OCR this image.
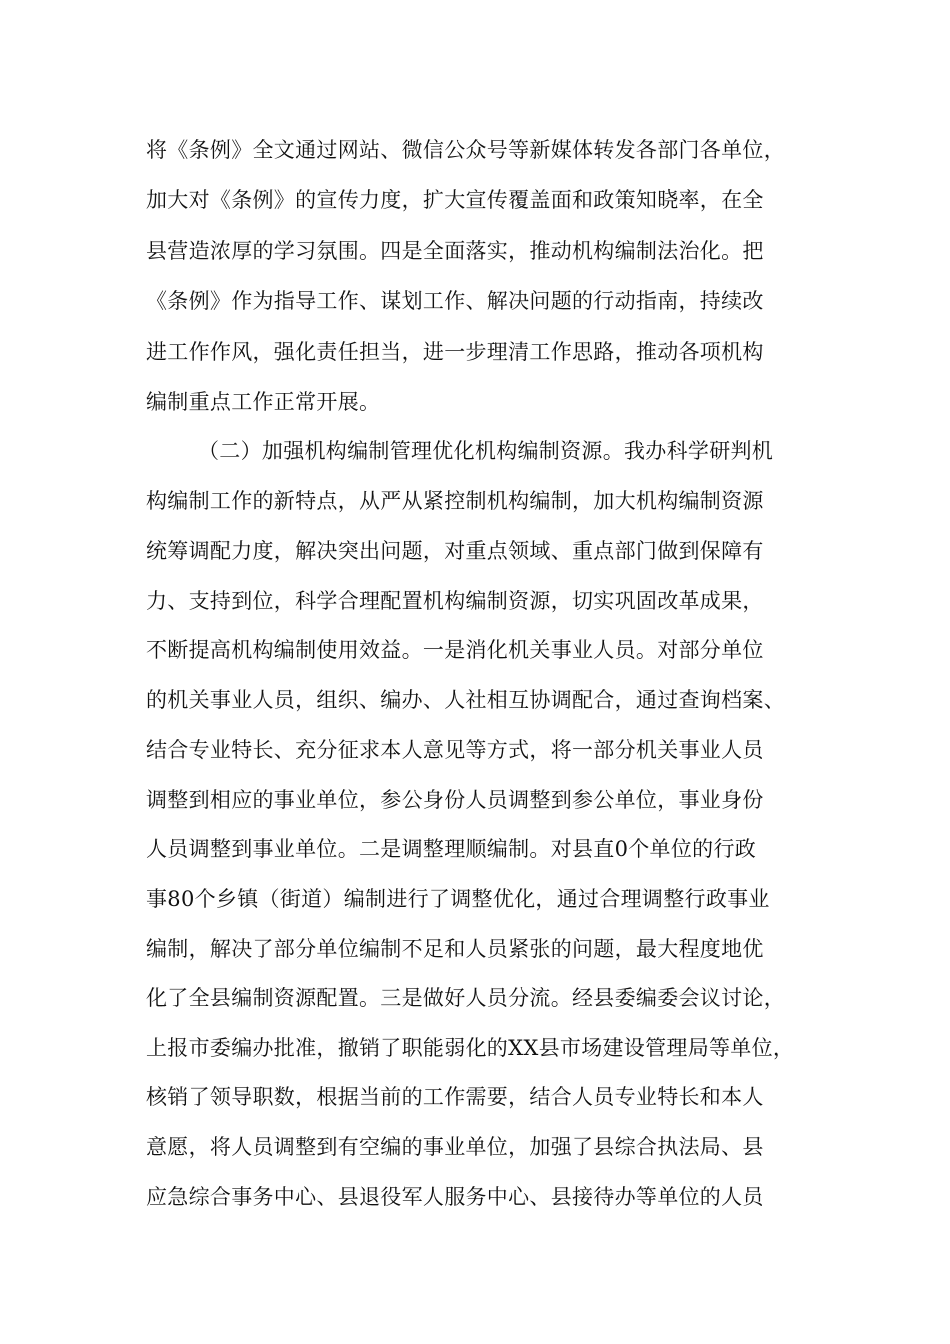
将《条例》全文通过网站、微信公众号等新媒体转发各部门各单位，
加大对《条例》的宣传力度，扩大宣传覆盖面和政策知晓率，在全
县营造浓厚的学习氛围。四是全面落实，推动机构编制法治化。把
《条例》作为指导工作、谋划工作、解决问题的行动指南，持续改
进工作作风，强化责任担当，进一步理清工作思路，推动各项机构
编制重点工作正常开展。
（二）加强机构编制管理优化机构编制资源。我办科学研判机
构编制工作的新特点，从严从紧控制机构编制，加大机构编制资源
统筹调配力度，解决突出问题，对重点领域、重点部门做到保障有
力、支持到位，科学合理配置机构编制资源，切实巩固改革成果，
不断提高机构编制使用效益。一是消化机关事业人员。对部分单位
的机关事业人员，组织、编办、人社相互协调配合，通过查询档案、
结合专业特长、充分征求本人意见等方式，将一部分机关事业人员
调整到相应的事业单位，参公身份人员调整到参公单位，事业身份
人员调整到事业单位。二是调整理顺编制。对县直0个单位的行政
事80个乡镇（街道）编制进行了调整优化，通过合理调整行政事业
编制，解决了部分单位编制不足和人员紧张的问题，最大程度地优
化了全县编制资源配置。三是做好人员分流。经县委编委会议讨论，
上报市委编办批准，撤销了职能弱化的XX县市场建设管理局等单位，
核销了领导职数，根据当前的工作需要，结合人员专业特长和本人
意愿，将人员调整到有空编的事业单位，加强了县综合执法局、县
应急综合事务中心、县退役军人服务中心、县接待办等单位的人员
